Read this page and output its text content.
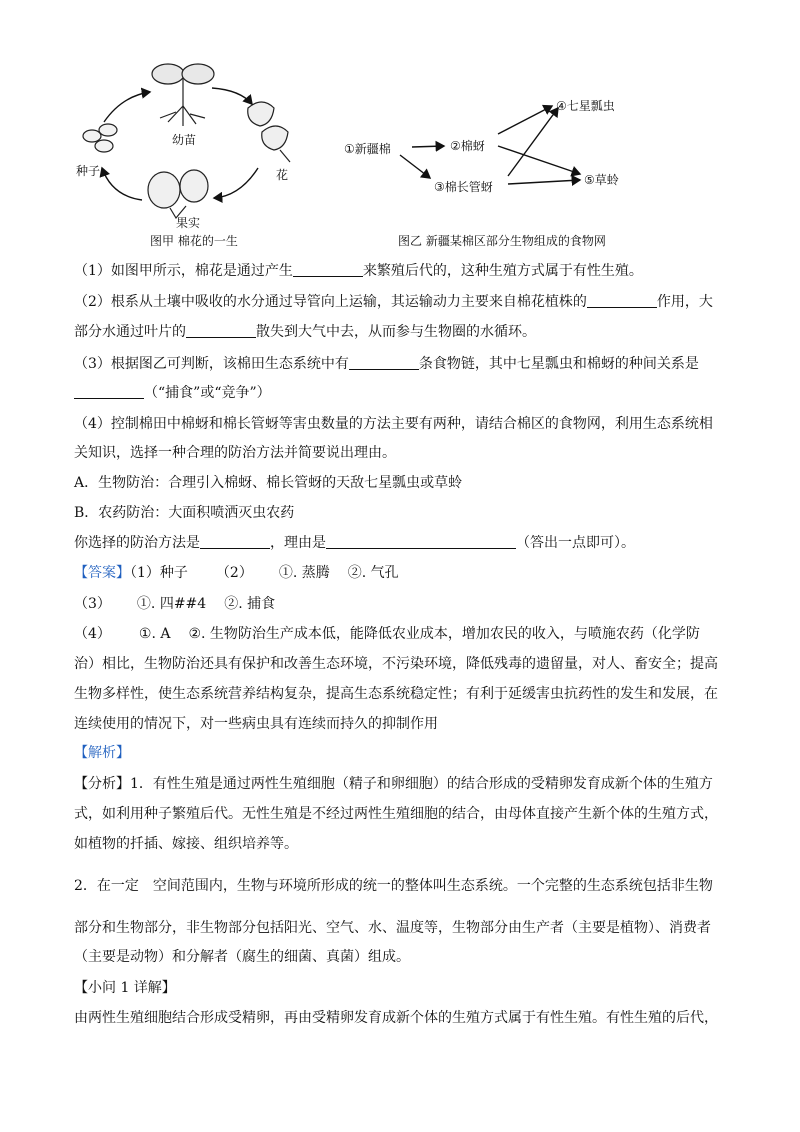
幼苗
花
种子
果实
图甲 棉花的一生
①新疆棉	②棉蚜
③棉长管蚜
④七星瓢虫
⑤草蛉
图乙 新疆某棉区部分生物组成的食物网
（1）如图甲所示，棉花是通过产生	来繁殖后代的，这种生殖方式属于有性生殖。
（2）根系从土壤中吸收的水分通过导管向上运输，其运输动力主要来自棉花植株的	作用，大
部分水通过叶片的	散失到大气中去，从而参与生物圈的水循环。
（3）根据图乙可判断，该棉田生态系统中有	条食物链，其中七星瓢虫和棉蚜的种间关系是
（“捕食”或“竞争”）
（4）控制棉田中棉蚜和棉长管蚜等害虫数量的方法主要有两种，请结合棉区的食物网，利用生态系统相
关知识，选择一种合理的防治方法并简要说出理由。
A．生物防治：合理引入棉蚜、棉长管蚜的天敌七星瓢虫或草蛉
B．农药防治：大面积喷洒灭虫农药
你选择的防治方法是	，理由是	（答出一点即可）。
【答案】（1）种子 （2） ①. 蒸腾 ②. 气孔
（3） ①. 四##4 ②. 捕食
（4） ①. A ②. 生物防治生产成本低，能降低农业成本，增加农民的收入，与喷施农药（化学防
治）相比，生物防治还具有保护和改善生态环境，不污染环境，降低残毒的遗留量，对人、畜安全；提高
生物多样性，使生态系统营养结构复杂，提高生态系统稳定性；有利于延缓害虫抗药性的发生和发展，在
连续使用的情况下，对一些病虫具有连续而持久的抑制作用
【解析】
【分析】1．有性生殖是通过两性生殖细胞（精子和卵细胞）的结合形成的受精卵发育成新个体的生殖方
式，如利用种子繁殖后代。无性生殖是不经过两性生殖细胞的结合，由母体直接产生新个体的生殖方式，
如植物的扦插、嫁接、组织培养等。
2．在一定　空间范围内，生物与环境所形成的统一的整体叫生态系统。一个完整的生态系统包括非生物
部分和生物部分，非生物部分包括阳光、空气、水、温度等，生物部分由生产者（主要是植物）、消费者
（主要是动物）和分解者（腐生的细菌、真菌）组成。
【小问 1 详解】
由两性生殖细胞结合形成受精卵，再由受精卵发育成新个体的生殖方式属于有性生殖。有性生殖的后代，
